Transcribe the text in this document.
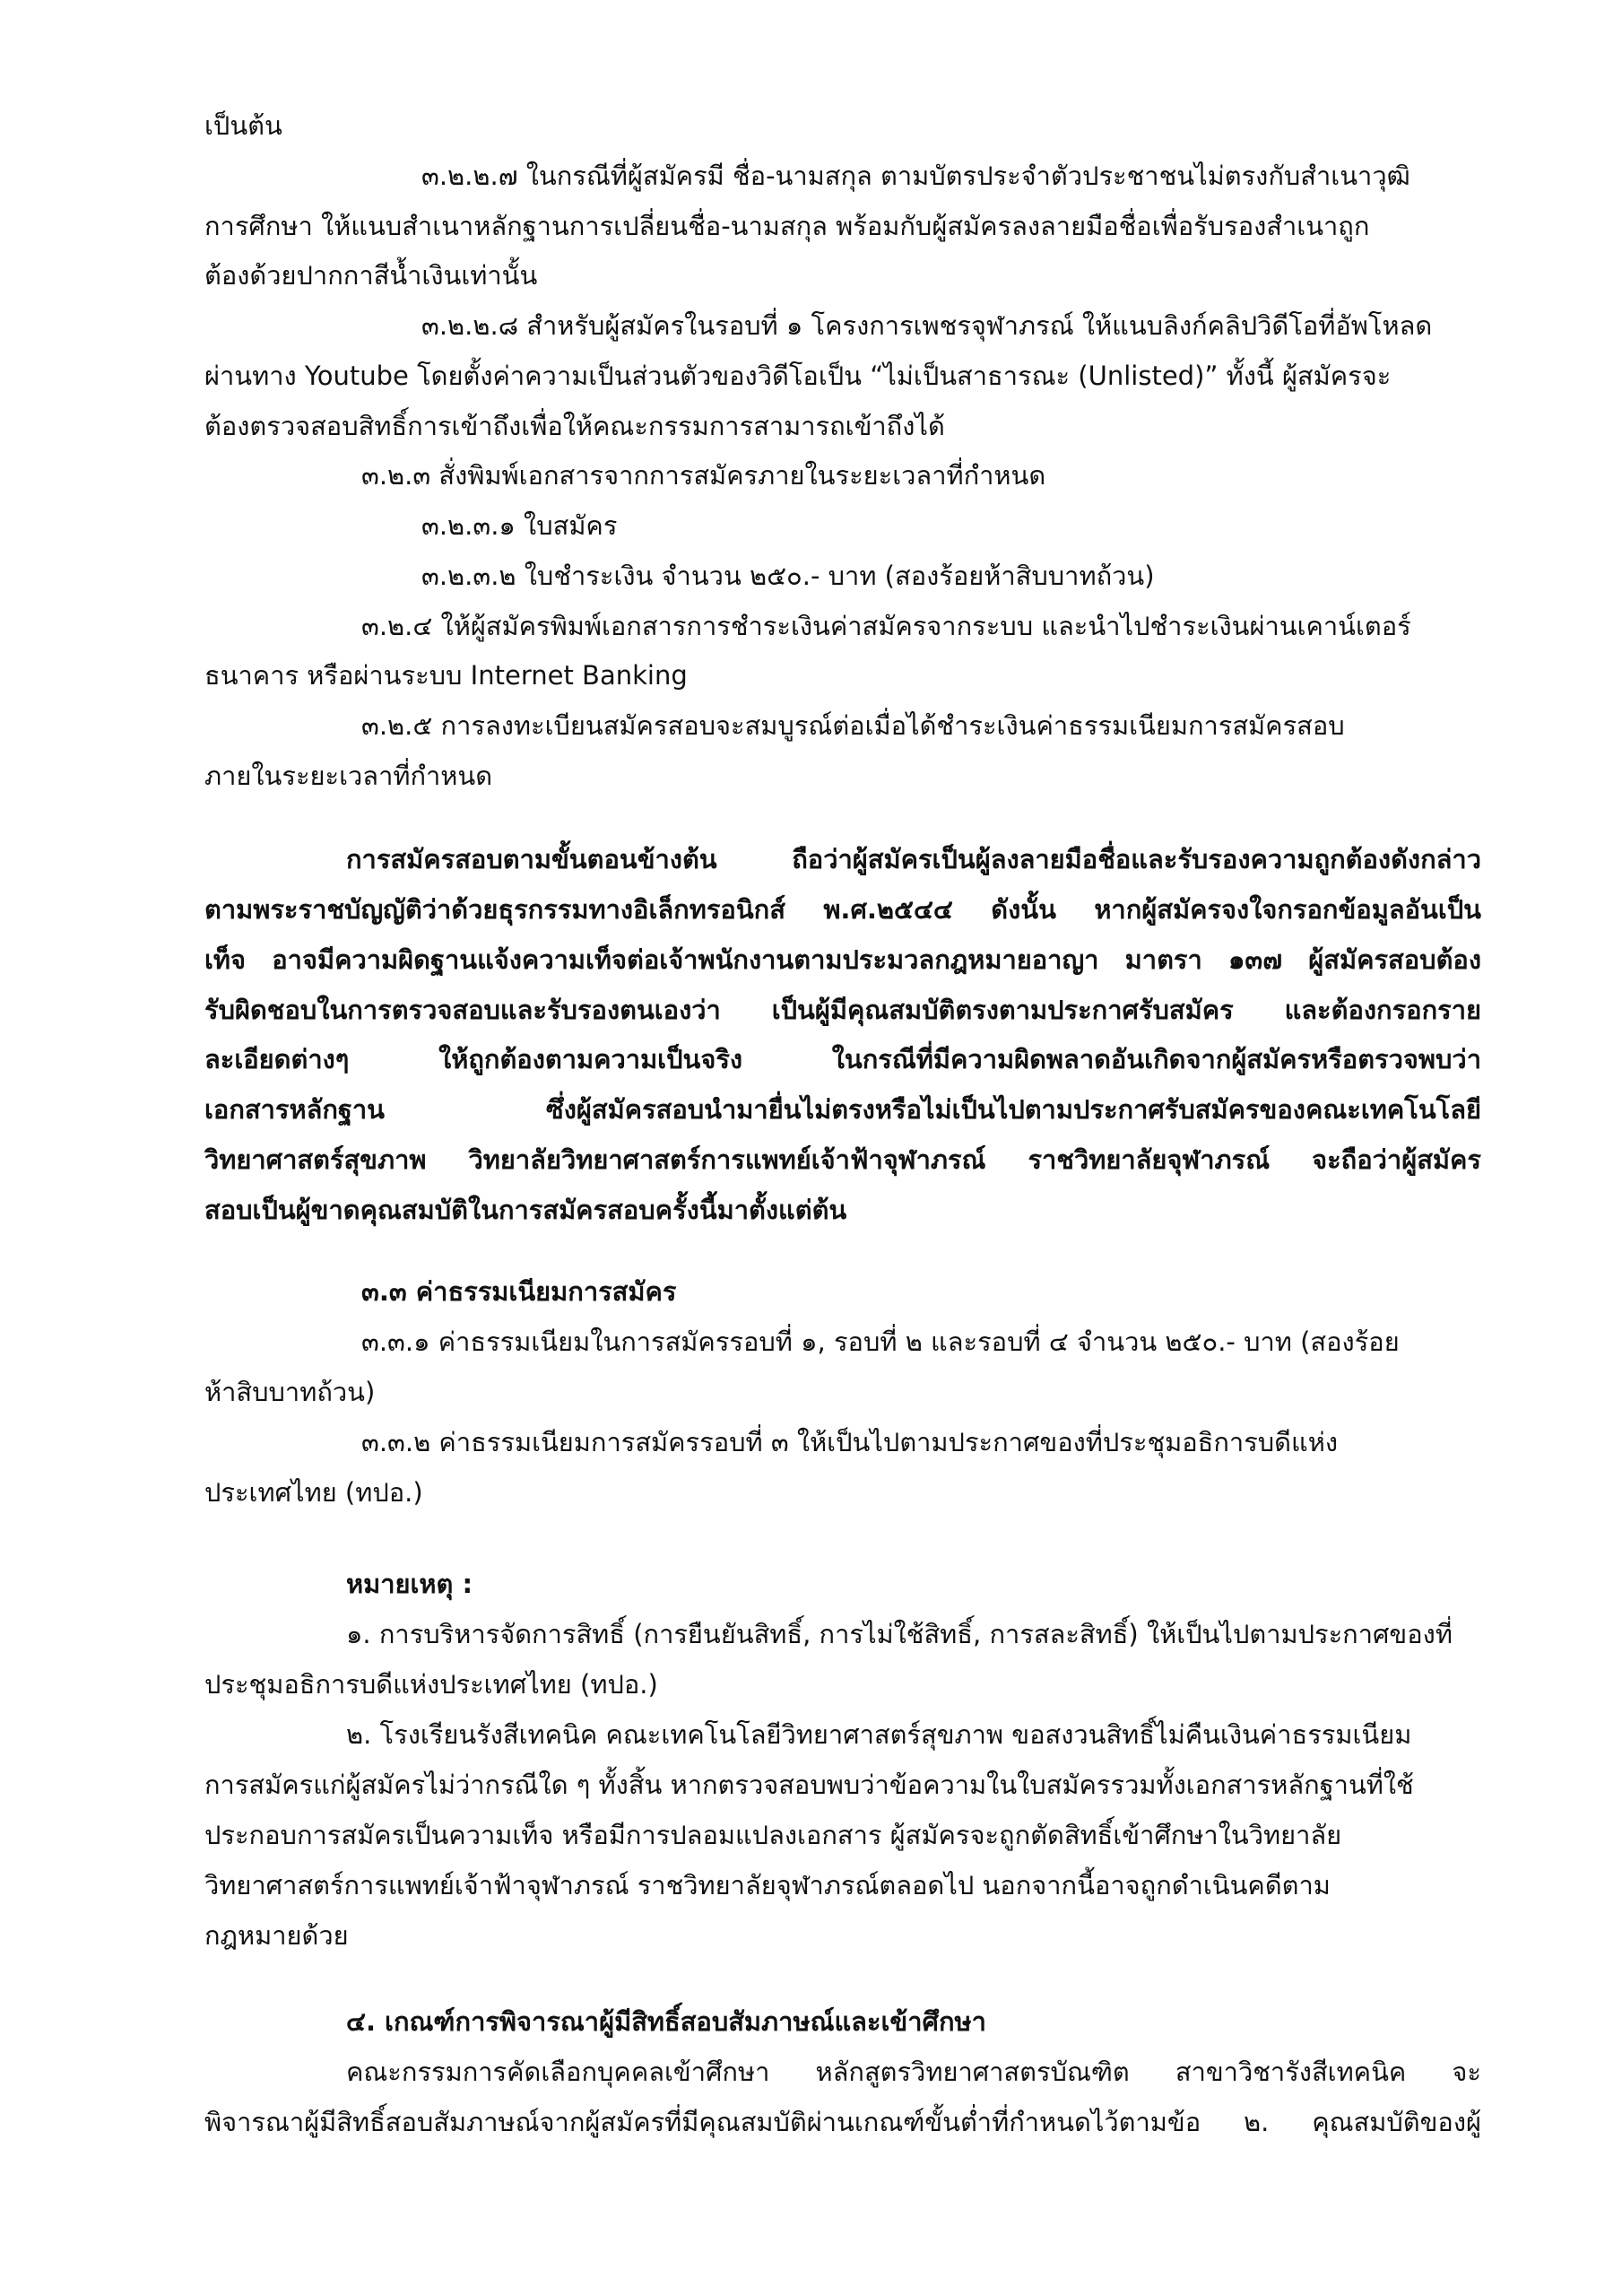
เป็นต้น
๓.๒.๒.๗ ในกรณีที่ผู้สมัครมี ชื่อ-นามสกุล ตามบัตรประจำตัวประชาชนไม่ตรงกับสำเนาวุฒิ
การศึกษา ให้แนบสำเนาหลักฐานการเปลี่ยนชื่อ-นามสกุล พร้อมกับผู้สมัครลงลายมือชื่อเพื่อรับรองสำเนาถูก
ต้องด้วยปากกาสีน้ำเงินเท่านั้น
๓.๒.๒.๘ สำหรับผู้สมัครในรอบที่ ๑ โครงการเพชรจุฬาภรณ์ ให้แนบลิงก์คลิปวิดีโอที่อัพโหลด
ผ่านทาง Youtube โดยตั้งค่าความเป็นส่วนตัวของวิดีโอเป็น “ไม่เป็นสาธารณะ (Unlisted)” ทั้งนี้ ผู้สมัครจะ
ต้องตรวจสอบสิทธิ์การเข้าถึงเพื่อให้คณะกรรมการสามารถเข้าถึงได้
๓.๒.๓ สั่งพิมพ์เอกสารจากการสมัครภายในระยะเวลาที่กำหนด
๓.๒.๓.๑ ใบสมัคร
๓.๒.๓.๒ ใบชำระเงิน จำนวน ๒๕๐.- บาท (สองร้อยห้าสิบบาทถ้วน)
๓.๒.๔ ให้ผู้สมัครพิมพ์เอกสารการชำระเงินค่าสมัครจากระบบ และนำไปชำระเงินผ่านเคาน์เตอร์
ธนาคาร หรือผ่านระบบ Internet Banking
๓.๒.๕ การลงทะเบียนสมัครสอบจะสมบูรณ์ต่อเมื่อได้ชำระเงินค่าธรรมเนียมการสมัครสอบ
ภายในระยะเวลาที่กำหนด
การสมัครสอบตามขั้นตอนข้างต้น ถือว่าผู้สมัครเป็นผู้ลงลายมือชื่อและรับรองความถูกต้องดังกล่าว
ตามพระราชบัญญัติว่าด้วยธุรกรรมทางอิเล็กทรอนิกส์ พ.ศ.๒๕๔๔ ดังนั้น หากผู้สมัครจงใจกรอกข้อมูลอันเป็น
เท็จ อาจมีความผิดฐานแจ้งความเท็จต่อเจ้าพนักงานตามประมวลกฎหมายอาญา มาตรา ๑๓๗ ผู้สมัครสอบต้อง
รับผิดชอบในการตรวจสอบและรับรองตนเองว่า เป็นผู้มีคุณสมบัติตรงตามประกาศรับสมัคร และต้องกรอกราย
ละเอียดต่างๆ	ให้ถูกต้องตามความเป็นจริง	ในกรณีที่มีความผิดพลาดอันเกิดจากผู้สมัครหรือตรวจพบว่า
เอกสารหลักฐาน	ซึ่งผู้สมัครสอบนำมายื่นไม่ตรงหรือไม่เป็นไปตามประกาศรับสมัครของคณะเทคโนโลยี
วิทยาศาสตร์สุขภาพ วิทยาลัยวิทยาศาสตร์การแพทย์เจ้าฟ้าจุฬาภรณ์ ราชวิทยาลัยจุฬาภรณ์ จะถือว่าผู้สมัคร
สอบเป็นผู้ขาดคุณสมบัติในการสมัครสอบครั้งนี้มาตั้งแต่ต้น
๓.๓ ค่าธรรมเนียมการสมัคร
๓.๓.๑ ค่าธรรมเนียมในการสมัครรอบที่ ๑, รอบที่ ๒ และรอบที่ ๔ จำนวน ๒๕๐.- บาท (สองร้อย
ห้าสิบบาทถ้วน)
๓.๓.๒ ค่าธรรมเนียมการสมัครรอบที่ ๓ ให้เป็นไปตามประกาศของที่ประชุมอธิการบดีแห่ง
ประเทศไทย (ทปอ.)
หมายเหตุ :
๑. การบริหารจัดการสิทธิ์ (การยืนยันสิทธิ์, การไม่ใช้สิทธิ์, การสละสิทธิ์) ให้เป็นไปตามประกาศของที่
ประชุมอธิการบดีแห่งประเทศไทย (ทปอ.)
๒. โรงเรียนรังสีเทคนิค คณะเทคโนโลยีวิทยาศาสตร์สุขภาพ ขอสงวนสิทธิ์ไม่คืนเงินค่าธรรมเนียม
การสมัครแก่ผู้สมัครไม่ว่ากรณีใด ๆ ทั้งสิ้น หากตรวจสอบพบว่าข้อความในใบสมัครรวมทั้งเอกสารหลักฐานที่ใช้
ประกอบการสมัครเป็นความเท็จ หรือมีการปลอมแปลงเอกสาร ผู้สมัครจะถูกตัดสิทธิ์เข้าศึกษาในวิทยาลัย
วิทยาศาสตร์การแพทย์เจ้าฟ้าจุฬาภรณ์ ราชวิทยาลัยจุฬาภรณ์ตลอดไป นอกจากนี้อาจถูกดำเนินคดีตาม
กฎหมายด้วย
๔. เกณฑ์การพิจารณาผู้มีสิทธิ์สอบสัมภาษณ์และเข้าศึกษา
คณะกรรมการคัดเลือกบุคคลเข้าศึกษา หลักสูตรวิทยาศาสตรบัณฑิต สาขาวิชารังสีเทคนิค จะ
พิจารณาผู้มีสิทธิ์สอบสัมภาษณ์จากผู้สมัครที่มีคุณสมบัติผ่านเกณฑ์ขั้นต่ำที่กำหนดไว้ตามข้อ ๒. คุณสมบัติของผู้
